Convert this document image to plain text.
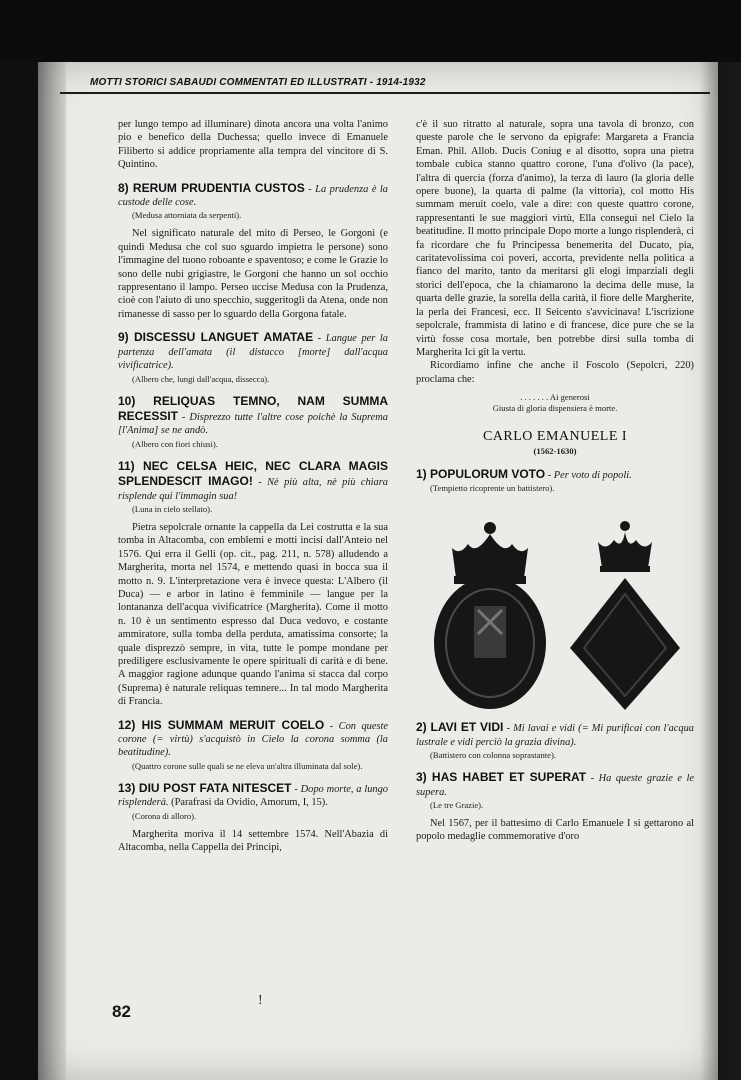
MOTTI STORICI SABAUDI COMMENTATI ED ILLUSTRATI - 1914-1932

per lungo tempo ad illuminare) dinota ancora una volta l'animo pio e benefico della Duchessa; quello invece di Emanuele Filiberto si addice propriamente alla tempra del vincitore di S. Quintino.

8) RERUM PRUDENTIA CUSTOS - La prudenza è la custode delle cose.

(Medusa attorniata da serpenti).

Nel significato naturale del mito di Perseo, le Gorgoni (e quindi Medusa che col suo sguardo impietra le persone) sono l'immagine del tuono roboante e spaventoso; e come le Grazie lo sono delle nubi grigiastre, le Gorgoni che hanno un sol occhio rappresentano il lampo. Perseo uccise Medusa con la Prudenza, cioè con l'aiuto di uno specchio, suggeritogli da Atena, onde non rimanesse di sasso per lo sguardo della Gorgona fatale.

9) DISCESSU LANGUET AMATAE - Langue per la partenza dell'amata (il distacco [morte] dall'acqua vivificatrice).

(Albero che, lungi dall'acqua, dissecca).

10) RELIQUAS TEMNO, NAM SUMMA RECESSIT - Disprezzo tutte l'altre cose poichè la Suprema [l'Anima] se ne andò.

(Albero con fiori chiusi).

11) NEC CELSA HEIC, NEC CLARA MAGIS SPLENDESCIT IMAGO! - Nè più alta, nè più chiara risplende qui l'immagin sua!

(Luna in cielo stellato).

Pietra sepolcrale ornante la cappella da Lei costrutta e la sua tomba in Altacomba, con emblemi e motti incisi dall'Anteio nel 1576. Qui erra il Gelli (op. cit., pag. 211, n. 578) alludendo a Margherita, morta nel 1574, e mettendo quasi in bocca sua il motto n. 9. L'interpretazione vera è invece questa: L'Albero (il Duca) — e arbor in latino è femminile — langue per la lontananza dell'acqua vivificatrice (Margherita). Come il motto n. 10 è un sentimento espresso dal Duca vedovo, e costante ammiratore, sulla tomba della perduta, amatissima consorte; la quale disprezzò sempre, in vita, tutte le pompe mondane per prediligere esclusivamente le opere spirituali di carità e di bene. A maggior ragione adunque quando l'anima si stacca dal corpo (Suprema) è naturale reliquas temnere... In tal modo Margherita di Francia.

12) HIS SUMMAM MERUIT COELO - Con queste corone (= virtù) s'acquistò in Cielo la corona somma (la beatitudine).

(Quattro corone sulle quali se ne eleva un'altra illuminata dal sole).

13) DIU POST FATA NITESCET - Dopo morte, a lungo risplenderà. (Parafrasi da Ovidio, Amorum, I, 15).

(Corona di alloro).

Margherita moriva il 14 settembre 1574. Nell'Abazia di Altacomba, nella Cappella dei Principi,

c'è il suo ritratto al naturale, sopra una tavola di bronzo, con queste parole che le servono da epigrafe: Margareta a Francia Eman. Phil. Allob. Ducis Coniug e al disotto, sopra una pietra tombale cubica stanno quattro corone, l'una d'olivo (la pace), l'altra di quercia (forza d'animo), la terza di lauro (la gloria delle opere buone), la quarta di palme (la vittoria), col motto His summam meruit coelo, vale a dire: con queste quattro corone, rappresentanti le sue maggiori virtù, Ella conseguì nel Cielo la beatitudine. Il motto principale Dopo morte a lungo risplenderà, ci fa ricordare che fu Principessa benemerita del Ducato, pia, caritatevolissima coi poveri, accorta, previdente nella politica a fianco del marito, tanto da meritarsi gli elogi imparziali degli storici dell'epoca, che la chiamarono la decima delle muse, la quarta delle grazie, la sorella della carità, il fiore delle Margherite, la perla dei Francesi, ecc. Il Seicento s'avvicinava! L'iscrizione sepolcrale, frammista di latino e di francese, dice pure che se la virtù fosse cosa mortale, ben potrebbe dirsi sulla tomba di Margherita Ici gît la vertu.

Ricordiamo infine che anche il Foscolo (Sepolcri, 220) proclama che:

. . . . . . . Ai generosi

Giusta di gloria dispensiera è morte.

CARLO EMANUELE I
(1562-1630)

1) POPULORUM VOTO - Per voto di popoli.

(Tempietto ricoprente un battistero).

2) LAVI ET VIDI - Mi lavai e vidi (= Mi purificai con l'acqua lustrale e vidi perciò la grazia divina).

(Battistero con colonna soprastante).

3) HAS HABET ET SUPERAT - Ha queste grazie e le supera.

(Le tre Grazie).

Nel 1567, per il battesimo di Carlo Emanuele I si gettarono al popolo medaglie commemorative d'oro

82
!
